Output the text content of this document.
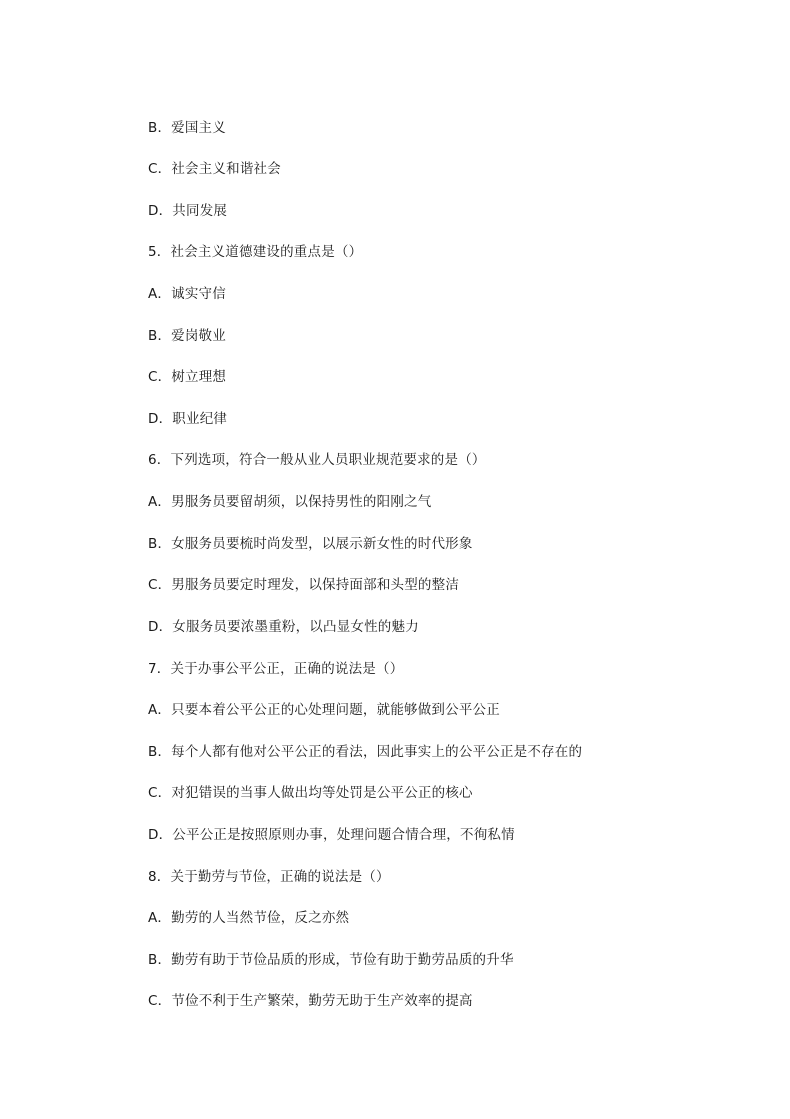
B．爱国主义
C．社会主义和谐社会
D．共同发展
5．社会主义道德建设的重点是（）
A．诚实守信
B．爱岗敬业
C．树立理想
D．职业纪律
6．下列选项，符合一般从业人员职业规范要求的是（）
A．男服务员要留胡须，以保持男性的阳刚之气
B．女服务员要梳时尚发型，以展示新女性的时代形象
C．男服务员要定时理发，以保持面部和头型的整洁
D．女服务员要浓墨重粉，以凸显女性的魅力
7．关于办事公平公正，正确的说法是（）
A．只要本着公平公正的心处理问题，就能够做到公平公正
B．每个人都有他对公平公正的看法，因此事实上的公平公正是不存在的
C．对犯错误的当事人做出均等处罚是公平公正的核心
D．公平公正是按照原则办事，处理问题合情合理，不徇私情
8．关于勤劳与节俭，正确的说法是（）
A．勤劳的人当然节俭，反之亦然
B．勤劳有助于节俭品质的形成，节俭有助于勤劳品质的升华
C．节俭不利于生产繁荣，勤劳无助于生产效率的提高
